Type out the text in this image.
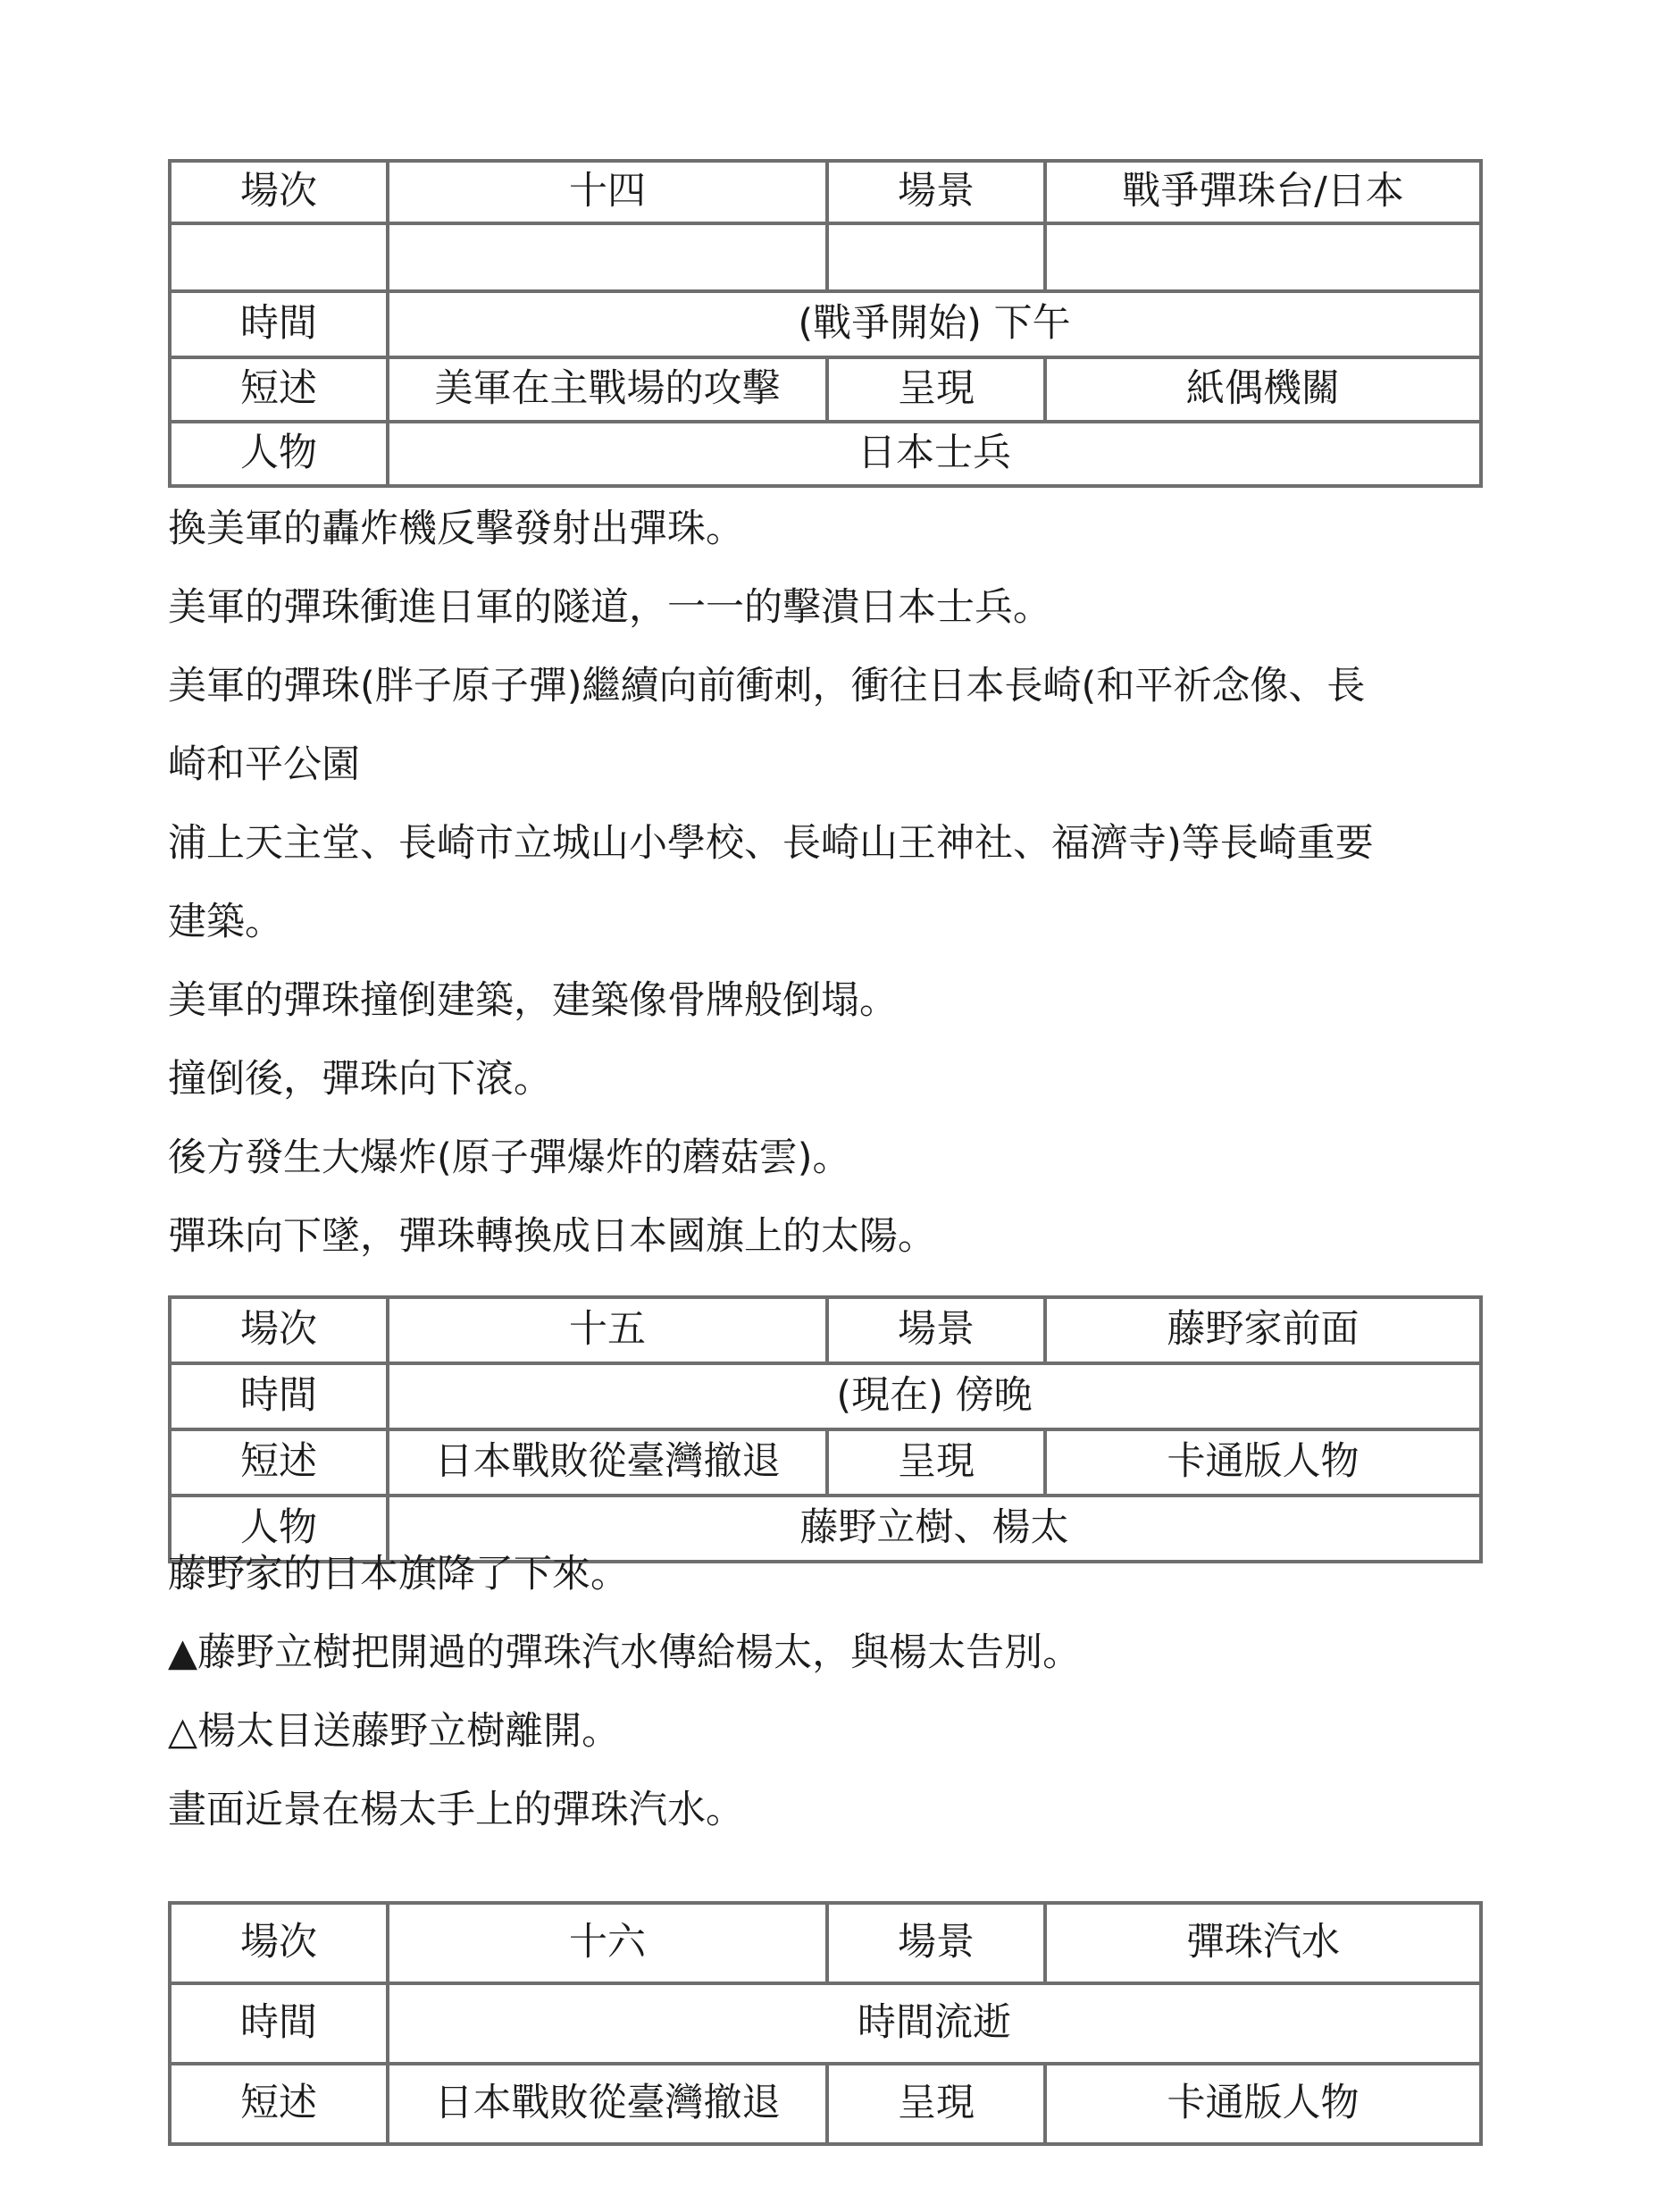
場次	十四	場景	戰爭彈珠台/日本

時間	(戰爭開始) 下午		
短述	美軍在主戰場的攻擊	呈現	紙偶機關
人物	日本士兵		

換美軍的轟炸機反擊發射出彈珠。

美軍的彈珠衝進日軍的隧道，一一的擊潰日本士兵。

美軍的彈珠(胖子原子彈)繼續向前衝刺，衝往日本長崎(和平祈念像、長

崎和平公園

浦上天主堂、長崎市立城山小學校、長崎山王神社、福濟寺)等長崎重要

建築。

美軍的彈珠撞倒建築，建築像骨牌般倒塌。

撞倒後，彈珠向下滾。

後方發生大爆炸(原子彈爆炸的蘑菇雲)。

彈珠向下墜，彈珠轉換成日本國旗上的太陽。

場次	十五	場景	藤野家前面
時間	(現在) 傍晚		
短述	日本戰敗從臺灣撤退	呈現	卡通版人物
人物	藤野立樹、楊太		

藤野家的日本旗降了下來。

▲藤野立樹把開過的彈珠汽水傳給楊太，與楊太告別。

△楊太目送藤野立樹離開。

畫面近景在楊太手上的彈珠汽水。

場次	十六	場景	彈珠汽水
時間	時間流逝		
短述	日本戰敗從臺灣撤退	呈現	卡通版人物
